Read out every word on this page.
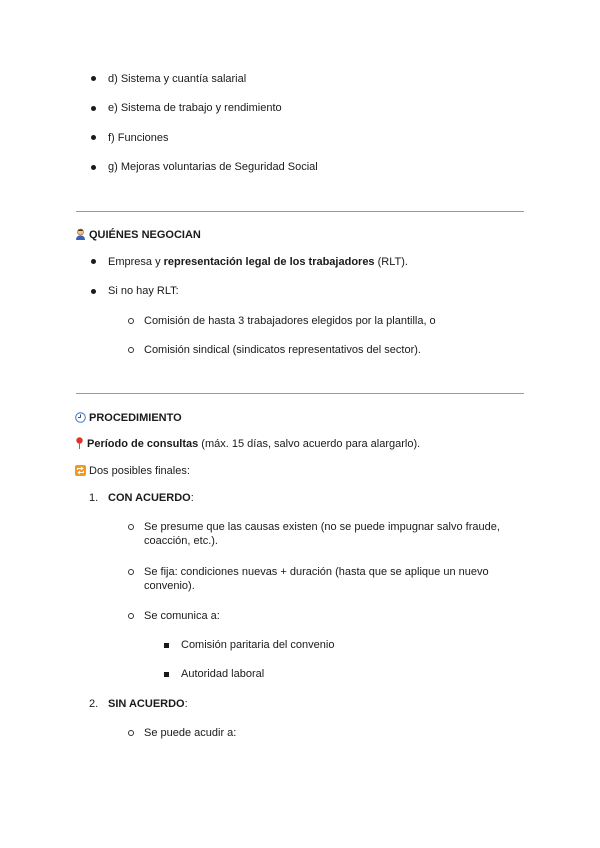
d) Sistema y cuantía salarial
e) Sistema de trabajo y rendimiento
f) Funciones
g) Mejoras voluntarias de Seguridad Social
QUIÉNES NEGOCIAN
Empresa y representación legal de los trabajadores (RLT).
Si no hay RLT:
Comisión de hasta 3 trabajadores elegidos por la plantilla, o
Comisión sindical (sindicatos representativos del sector).
PROCEDIMIENTO
Período de consultas (máx. 15 días, salvo acuerdo para alargarlo).
Dos posibles finales:
1. CON ACUERDO:
Se presume que las causas existen (no se puede impugnar salvo fraude, coacción, etc.).
Se fija: condiciones nuevas + duración (hasta que se aplique un nuevo convenio).
Se comunica a:
Comisión paritaria del convenio
Autoridad laboral
2. SIN ACUERDO:
Se puede acudir a:
